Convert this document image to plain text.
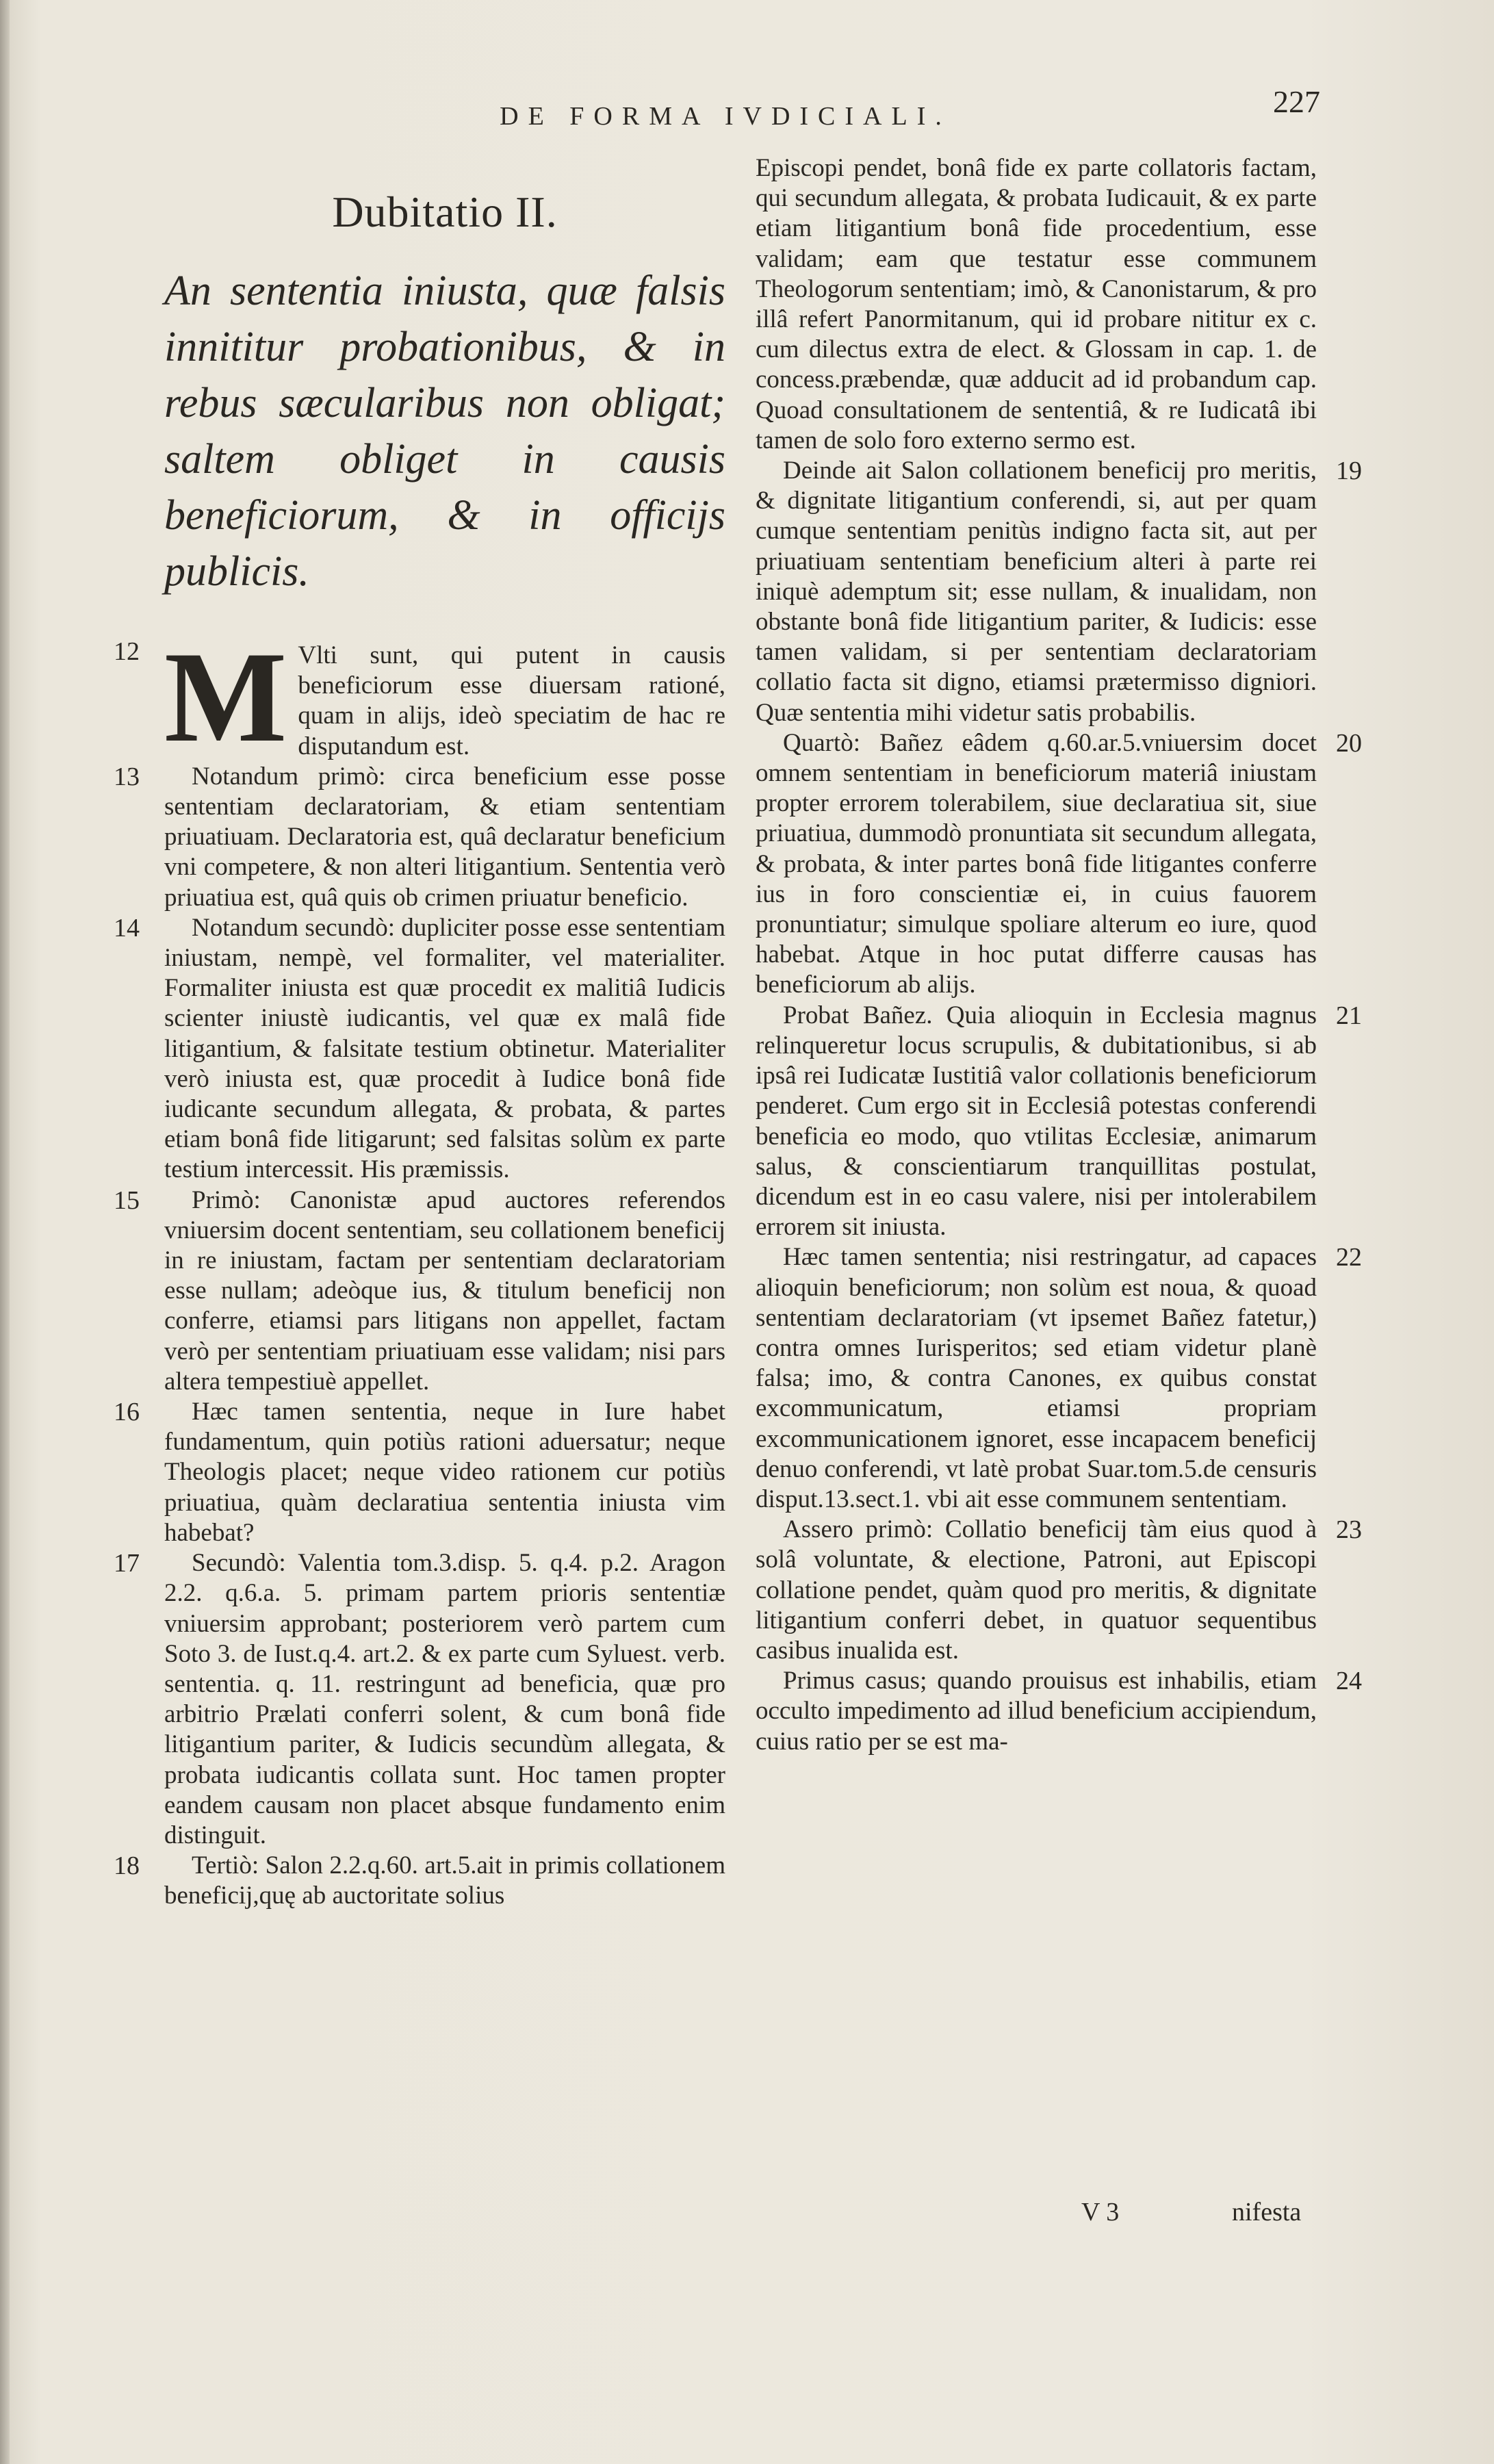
DE FORMA IVDICIALI.	227
Dubitatio II.
An sententia iniusta, quæ falsis innititur probationibus, & in rebus sæcularibus non obligat; saltem obliget in causis beneficiorum, & in officijs publicis.

M
12	Vlti sunt, qui putent in causis beneficiorum esse diuersam rationé, quam in alijs, ideò speciatim de hac re disputandum est.

13 Notandum primò: circa beneficium esse posse sententiam declaratoriam, & etiam sententiam priuatiuam. Declaratoria est, quâ declaratur beneficium vni competere, & non alteri litigantium. Sententia verò priuatiua est, quâ quis ob crimen priuatur beneficio.

14 Notandum secundò: dupliciter posse esse sententiam iniustam, nempè, vel formaliter, vel materialiter. Formaliter iniusta est quæ procedit ex malitiâ Iudicis scienter iniustè iudicantis, vel quæ ex malâ fide litigantium, & falsitate testium obtinetur. Materialiter verò iniusta est, quæ procedit à Iudice bonâ fide iudicante secundum allegata, & probata, & partes etiam bonâ fide litigarunt; sed falsitas solùm ex parte testium intercessit. His præmissis.

15 Primò: Canonistæ apud auctores referendos vniuersim docent sententiam, seu collationem beneficij in re iniustam, factam per sententiam declaratoriam esse nullam; adeòque ius, & titulum beneficij non conferre, etiamsi pars litigans non appellet, factam verò per sententiam priuatiuam esse validam; nisi pars altera tempestiuè appellet.

16 Hæc tamen sententia, neque in Iure habet fundamentum, quin potiùs rationi aduersatur; neque Theologis placet; neque video rationem cur potiùs priuatiua, quàm declaratiua sententia iniusta vim habebat?

17 Secundò: Valentia tom.3.disp. 5. q.4. p.2. Aragon 2.2. q.6.a. 5. primam partem prioris sententiæ vniuersim approbant; posteriorem verò partem cum Soto 3. de Iust.q.4. art.2. & ex parte cum Syluest. verb. sententia. q. 11. restringunt ad beneficia, quæ pro arbitrio Prælati conferri solent, & cum bonâ fide litigantium pariter, & Iudicis secundùm allegata, & probata iudicantis collata sunt. Hoc tamen propter eandem causam non placet absque fundamento enim distinguit.

18 Tertiò: Salon 2.2.q.60. art.5.ait in primis collationem beneficij,quę ab auctoritate solius

Episcopi pendet, bonâ fide ex parte collatoris factam, qui secundum allegata, & probata Iudicauit, & ex parte etiam litigantium bonâ fide procedentium, esse validam; eam que testatur esse communem Theologorum sententiam; imò, & Canonistarum, & pro illâ refert Panormitanum, qui id probare nititur ex c. cum dilectus extra de elect. & Glossam in cap. 1. de concess.præbendæ, quæ adducit ad id probandum cap. Quoad consultationem de sententiâ, & re Iudicatâ ibi tamen de solo foro externo sermo est.

19
Deinde ait Salon collationem beneficij pro meritis, & dignitate litigantium conferendi, si, aut per quam cumque sententiam penitùs indigno facta sit, aut per priuatiuam sententiam beneficium alteri à parte rei iniquè ademptum sit; esse nullam, & inualidam, non obstante bonâ fide litigantium pariter, & Iudicis: esse tamen validam, si per sententiam declaratoriam collatio facta sit digno, etiamsi prætermisso digniori. Quæ sententia mihi videtur satis probabilis.

20
Quartò: Bañez eâdem q.60.ar.5.vniuersim docet omnem sententiam in beneficiorum materiâ iniustam propter errorem tolerabilem, siue declaratiua sit, siue priuatiua, dummodò pronuntiata sit secundum allegata, & probata, & inter partes bonâ fide litigantes conferre ius in foro conscientiæ ei, in cuius fauorem pronuntiatur; simulque spoliare alterum eo iure, quod habebat. Atque in hoc putat differre causas has beneficiorum ab alijs.

21
Probat Bañez. Quia alioquin in Ecclesia magnus relinqueretur locus scrupulis, & dubitationibus, si ab ipsâ rei Iudicatæ Iustitiâ valor collationis beneficiorum penderet. Cum ergo sit in Ecclesiâ potestas conferendi beneficia eo modo, quo vtilitas Ecclesiæ, animarum salus, & conscientiarum tranquillitas postulat, dicendum est in eo casu valere, nisi per intolerabilem errorem sit iniusta.

22
Hæc tamen sententia; nisi restringatur, ad capaces alioquin beneficiorum; non solùm est noua, & quoad sententiam declaratoriam (vt ipsemet Bañez fatetur,) contra omnes Iurisperitos; sed etiam videtur planè falsa; imo, & contra Canones, ex quibus constat excommunicatum, etiamsi propriam excommunicationem ignoret, esse incapacem beneficij denuo conferendi, vt latè probat Suar.tom.5.de censuris disput.13.sect.1. vbi ait esse communem sententiam.

23
Assero primò: Collatio beneficij tàm eius quod à solâ voluntate, & electione, Patroni, aut Episcopi collatione pendet, quàm quod pro meritis, & dignitate litigantium conferri debet, in quatuor sequentibus casibus inualida est.

24
Primus casus; quando prouisus est inhabilis, etiam occulto impedimento ad illud beneficium accipiendum, cuius ratio per se est ma-

V 3	nifesta
